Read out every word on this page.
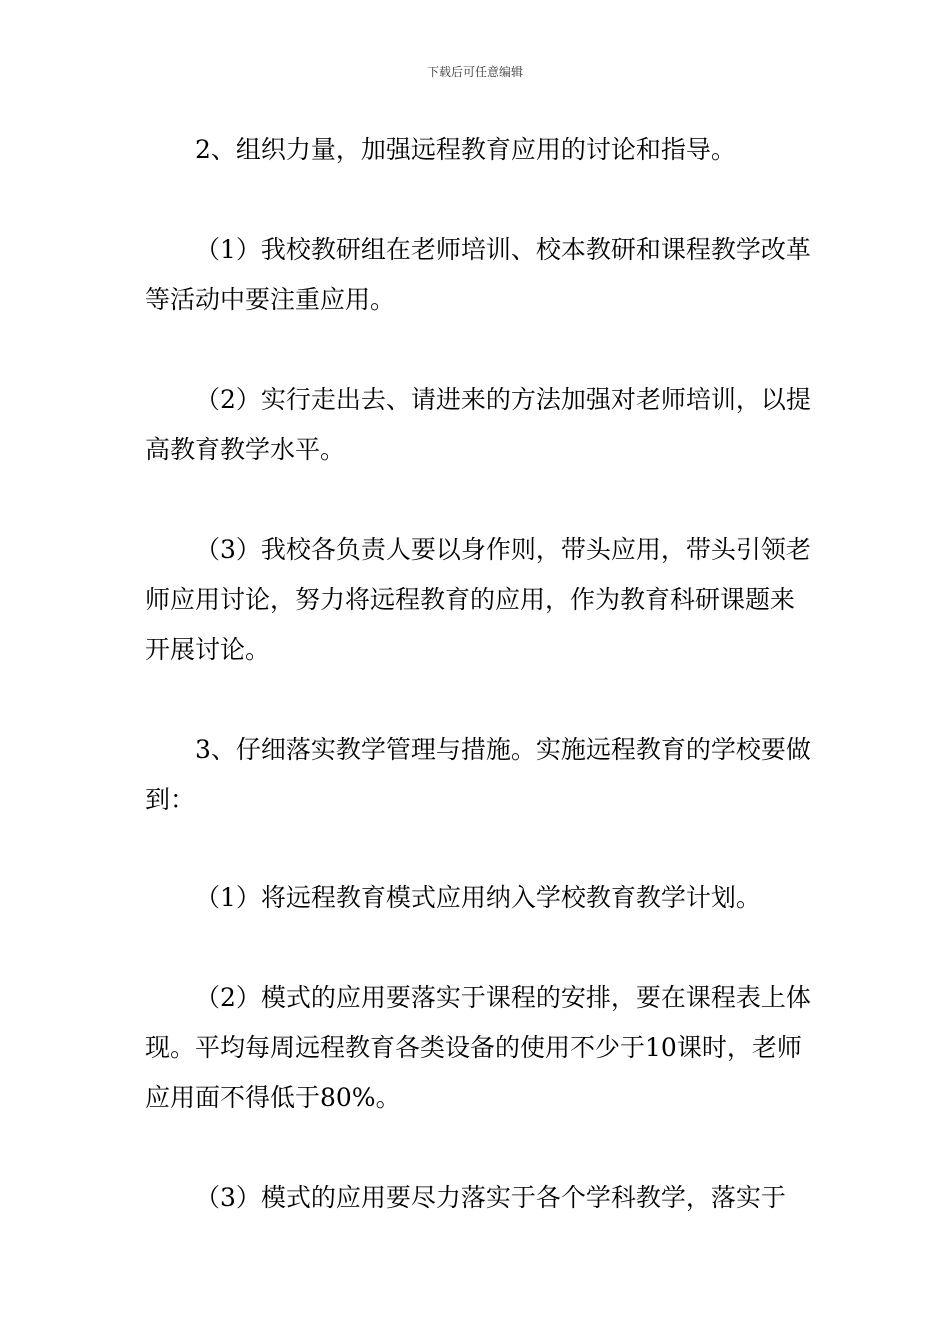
下载后可任意编辑

2、组织力量，加强远程教育应用的讨论和指导。

（1）我校教研组在老师培训、校本教研和课程教学改革等活动中要注重应用。

（2）实行走出去、请进来的方法加强对老师培训，以提高教育教学水平。

（3）我校各负责人要以身作则，带头应用，带头引领老师应用讨论，努力将远程教育的应用，作为教育科研课题来开展讨论。

3、仔细落实教学管理与措施。实施远程教育的学校要做到：

（1）将远程教育模式应用纳入学校教育教学计划。

（2）模式的应用要落实于课程的安排，要在课程表上体现。平均每周远程教育各类设备的使用不少于10课时，老师应用面不得低于80%。

（3）模式的应用要尽力落实于各个学科教学，落实于
